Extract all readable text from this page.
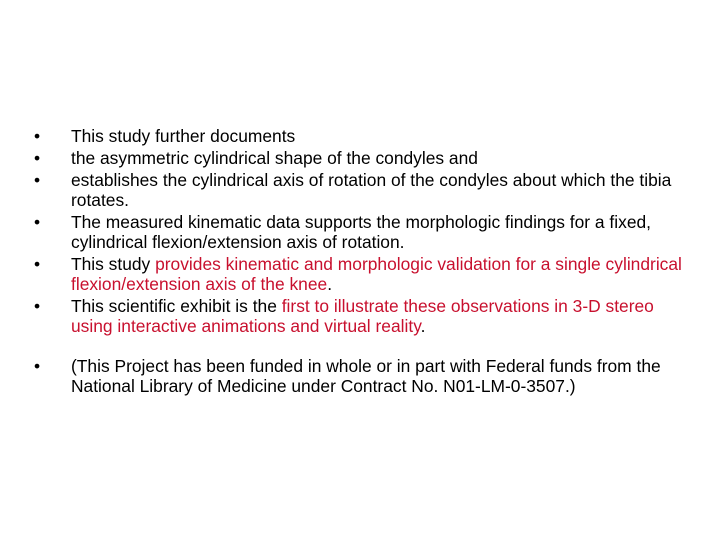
• This study further documents
• the asymmetric cylindrical shape of the condyles and
• establishes the cylindrical axis of rotation of the condyles about which the tibia rotates.
• The measured kinematic data supports the morphologic findings for a fixed, cylindrical flexion/extension axis of rotation.
• This study provides kinematic and morphologic validation for a single cylindrical flexion/extension axis of the knee.
• This scientific exhibit is the first to illustrate these observations in 3-D stereo using interactive animations and virtual reality.
• (This Project has been funded in whole or in part with Federal funds from the National Library of Medicine under Contract No. N01-LM-0-3507.)
